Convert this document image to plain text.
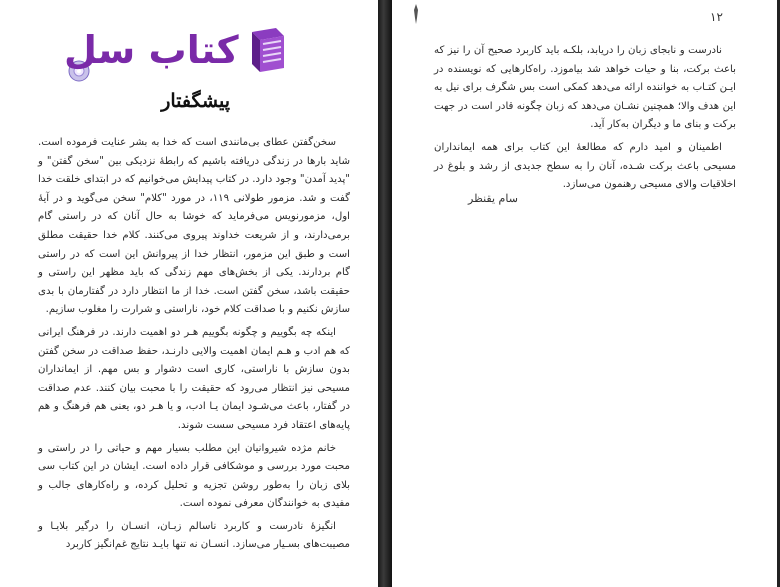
کتاب سل
پیشگفتار

سخن‌گفتن عطای بی‌مانندی است که خدا به بشر عنایت فرموده است. شاید بارها در زندگی دریافته باشیم که رابطهٔ نزدیکی بین "سخن گفتن" و "پدید آمدن" وجود دارد. در کتاب پیدایش می‌خوانیم که در ابتدای خلقت خدا گفت و شد. مزمور طولانی ۱۱۹، در مورد "کلام" سخن می‌گوید و در آیهٔ اول، مزمورنویس می‌فرماید که خوشا به حال آنان که در راستی گام برمی‌دارند، و از شریعت خداوند پیروی می‌کنند. کلام خدا حقیقت مطلق است و طبق این مزمور، انتظار خدا از پیروانش این است که در راستی گام بردارند. یکی از بخش‌های مهم زندگی که باید مظهر این راستی و حقیقت باشد، سخن گفتن است. خدا از ما انتظار دارد در گفتارمان با بدی سازش نکنیم و با صداقت کلام خود، ناراستی و شرارت را مغلوب سازیم.

اینکه چه بگوییم و چگونه بگوییم هـر دو اهمیت دارند. در فرهنگ ایرانی که هم ادب و هـم ایمان اهمیت والایی دارنـد، حفظ صداقت در سخن گفتن بدون سازش با ناراستی، کاری است دشوار و بس مهم. از ایمانداران مسیحی نیز انتظار می‌رود که حقیقت را با محبت بیان کنند. عدم صداقت در گفتار، باعث می‌شـود ایمان یـا ادب، و یا هـر دو، یعنی هم فرهنگ و هم پایه‌های اعتقاد فرد مسیحی سست شوند.

خانم مژده شیروانیان این مطلب بسیار مهم و حیاتی را در راستی و محبت مورد بررسی و موشکافی قرار داده است. ایشان در این کتاب سی بلای زبان را به‌طور روشن تجزیه و تحلیل کرده، و راه‌کارهای جالب و مفیدی به خوانندگان معرفی نموده است.

انگیزهٔ نادرست و کاربرد ناسالم زبـان، انسـان را درگیر بلایـا و مصیبت‌های بسـیار می‌سازد. انسـان نه تنها بایـد نتایج غم‌انگیز کاربرد

۱۲

نادرست و نابجای زبان را دریابد، بلکـه باید کاربرد صحیح آن را نیز که باعث برکت، بنا و حیات خواهد شد بیاموزد. راه‌کارهایی که نویسنده در ایـن کتـاب به خواننده ارائه می‌دهد کمکی است بس شگرف برای نیل به این هدف والا؛ همچنین نشـان می‌دهد که زبان چگونه قادر است در جهت برکت و بنای ما و دیگران به‌کار آید.

اطمینان و امید دارم که مطالعهٔ این کتاب برای همه ایمانداران مسیحی باعث برکت شـده، آنان را به سطح جدیدی از رشد و بلوغ در اخلاقیات والای مسیحی رهنمون می‌سازد.

سام یقنظر
